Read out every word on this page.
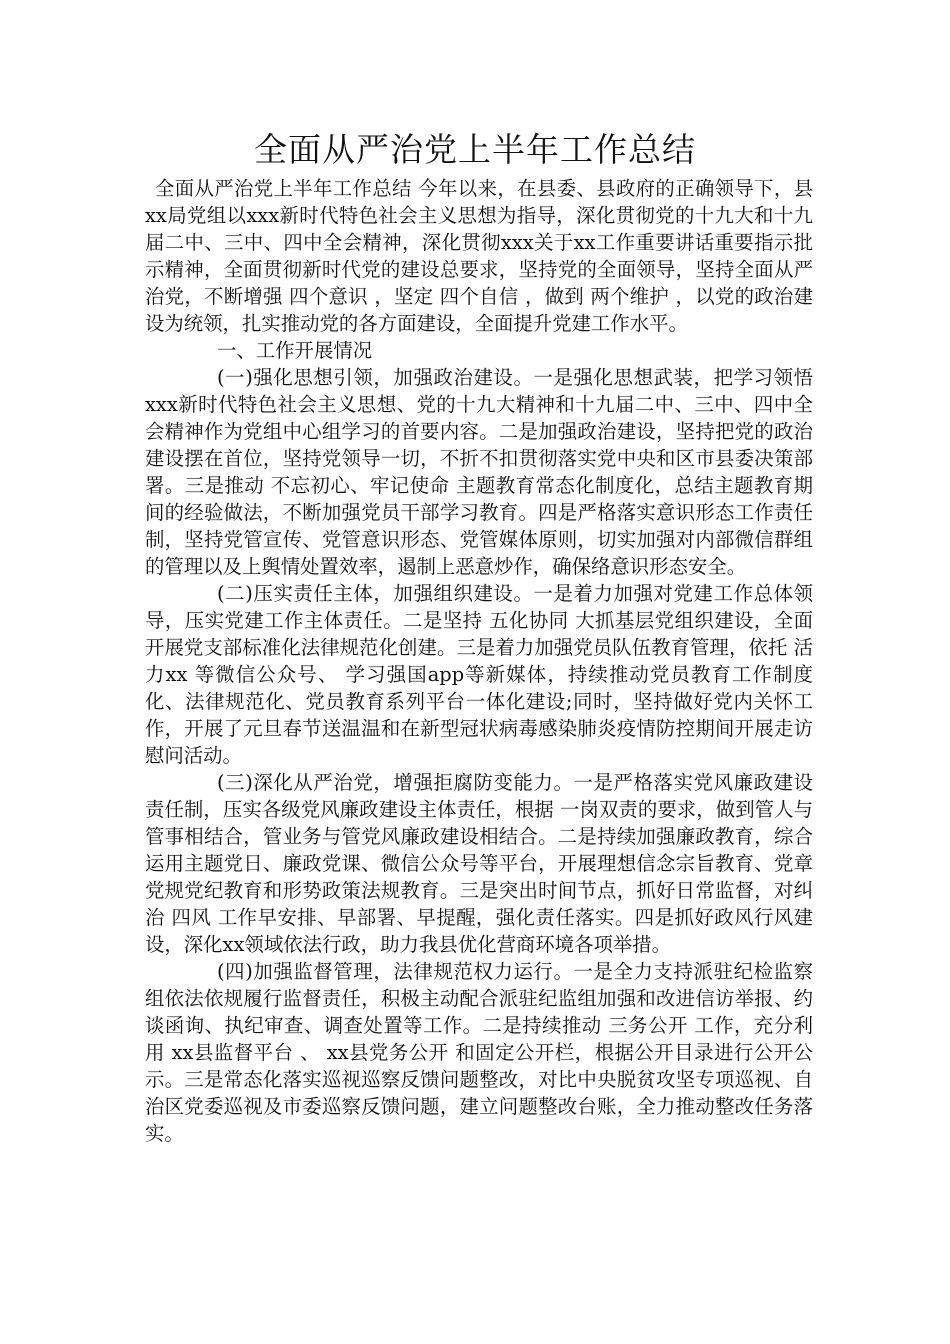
全面从严治党上半年工作总结

全面从严治党上半年工作总结 今年以来，在县委、县政府的正确领导下，县xx局党组以xxx新时代特色社会主义思想为指导，深化贯彻党的十九大和十九届二中、三中、四中全会精神，深化贯彻xxx关于xx工作重要讲话重要指示批示精神，全面贯彻新时代党的建设总要求，坚持党的全面领导，坚持全面从严治党，不断增强 四个意识 ，坚定 四个自信 ，做到 两个维护 ，以党的政治建设为统领，扎实推动党的各方面建设，全面提升党建工作水平。

一、工作开展情况

(一)强化思想引领，加强政治建设。一是强化思想武装，把学习领悟xxx新时代特色社会主义思想、党的十九大精神和十九届二中、三中、四中全会精神作为党组中心组学习的首要内容。二是加强政治建设，坚持把党的政治建设摆在首位，坚持党领导一切，不折不扣贯彻落实党中央和区市县委决策部署。三是推动 不忘初心、牢记使命 主题教育常态化制度化，总结主题教育期间的经验做法，不断加强党员干部学习教育。四是严格落实意识形态工作责任制，坚持党管宣传、党管意识形态、党管媒体原则，切实加强对内部微信群组的管理以及上舆情处置效率，遏制上恶意炒作，确保络意识形态安全。

(二)压实责任主体，加强组织建设。一是着力加强对党建工作总体领导，压实党建工作主体责任。二是坚持 五化协同 大抓基层党组织建设，全面开展党支部标准化法律规范化创建。三是着力加强党员队伍教育管理，依托 活力xx 等微信公众号、 学习强国app等新媒体，持续推动党员教育工作制度化、法律规范化、党员教育系列平台一体化建设;同时，坚持做好党内关怀工作，开展了元旦春节送温温和在新型冠状病毒感染肺炎疫情防控期间开展走访慰问活动。

(三)深化从严治党，增强拒腐防变能力。一是严格落实党风廉政建设责任制，压实各级党风廉政建设主体责任，根据 一岗双责的要求，做到管人与管事相结合，管业务与管党风廉政建设相结合。二是持续加强廉政教育，综合运用主题党日、廉政党课、微信公众号等平台，开展理想信念宗旨教育、党章党规党纪教育和形势政策法规教育。三是突出时间节点，抓好日常监督，对纠治 四风 工作早安排、早部署、早提醒，强化责任落实。四是抓好政风行风建设，深化xx领域依法行政，助力我县优化营商环境各项举措。

(四)加强监督管理，法律规范权力运行。一是全力支持派驻纪检监察组依法依规履行监督责任，积极主动配合派驻纪监组加强和改进信访举报、约谈函询、执纪审查、调查处置等工作。二是持续推动 三务公开 工作，充分利用 xx县监督平台 、 xx县党务公开 和固定公开栏，根据公开目录进行公开公示。三是常态化落实巡视巡察反馈问题整改，对比中央脱贫攻坚专项巡视、自治区党委巡视及市委巡察反馈问题，建立问题整改台账，全力推动整改任务落实。
